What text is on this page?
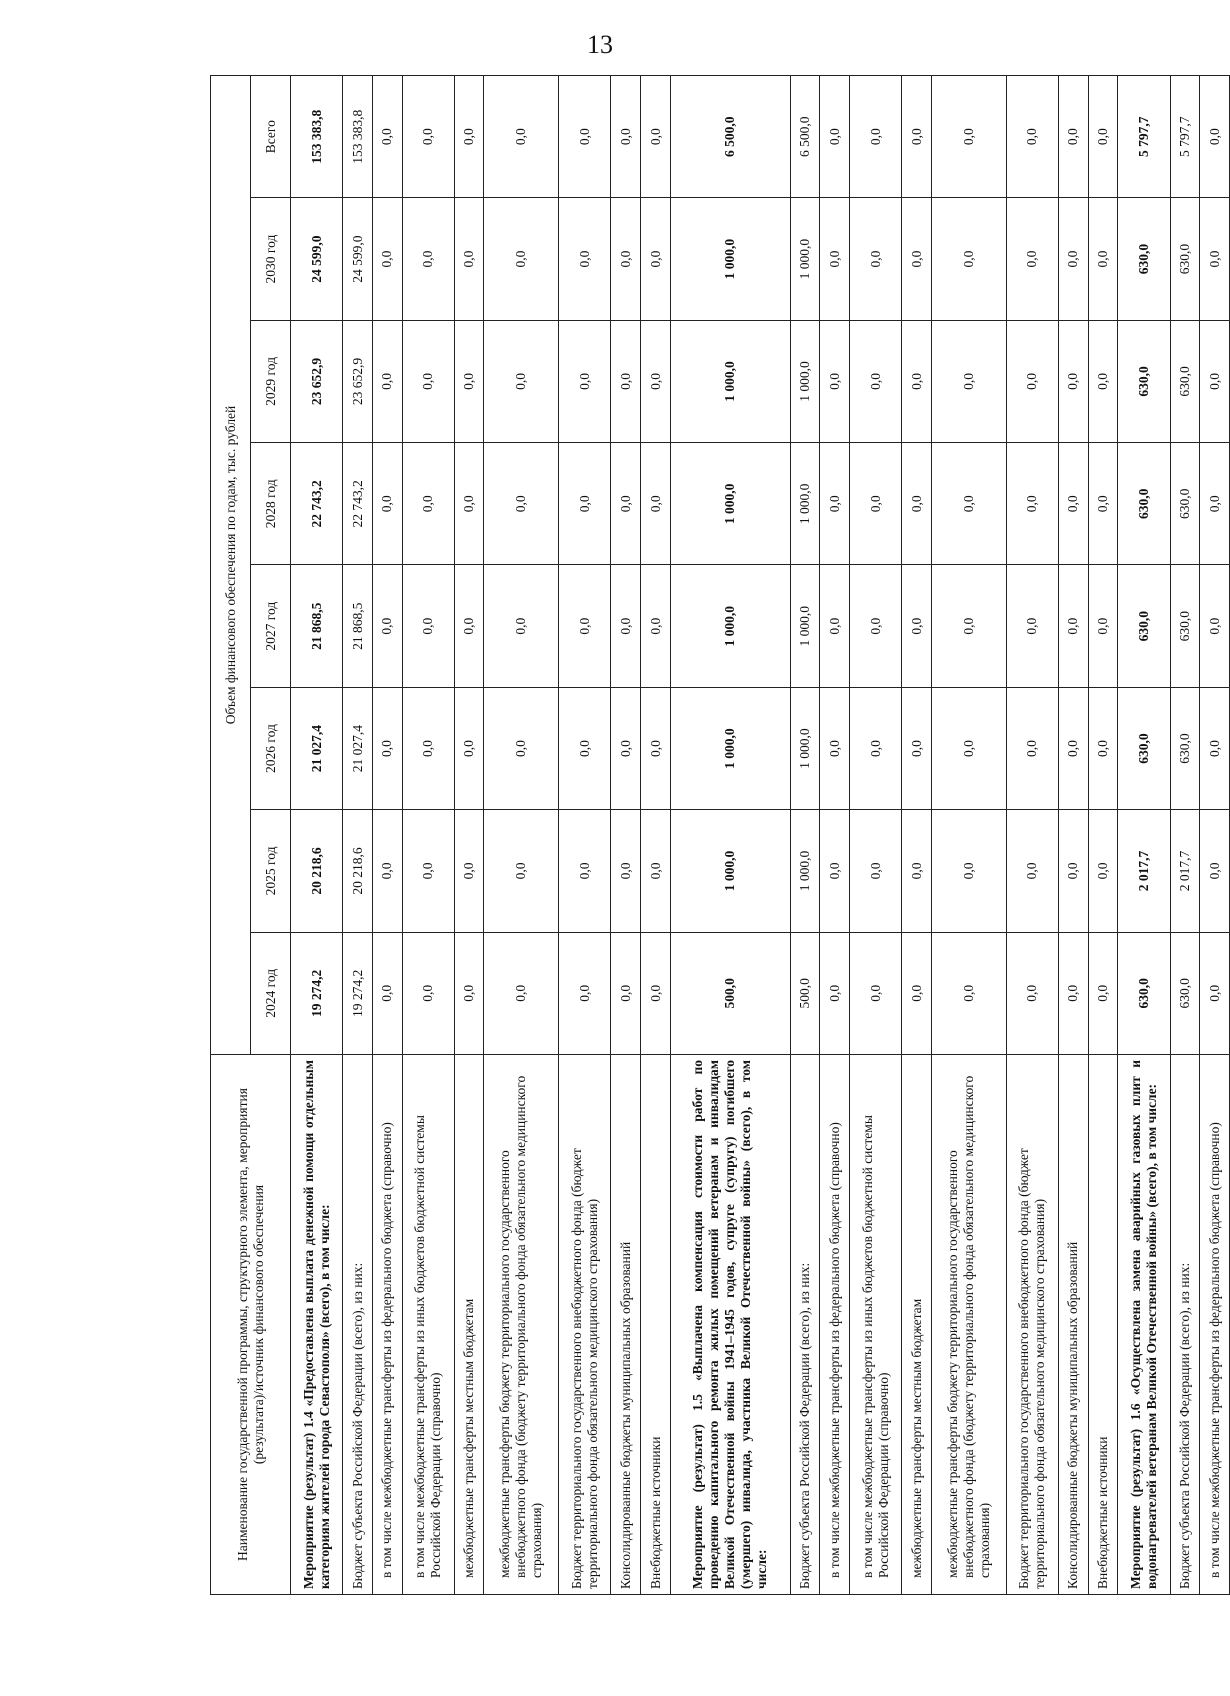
13
Наименование государственной программы, структурного элемента, мероприятия (результата)/источник финансового обеспечения	Объем финансового обеспечения по годам, тыс. рублей							
	2024 год	2025 год	2026 год	2027 год	2028 год	2029 год	2030 год	Всего
Мероприятие (результат) 1.4 «Предоставлена выплата денежной помощи отдельным категориям жителей города Севастополя» (всего), в том числе:	19 274,2	20 218,6	21 027,4	21 868,5	22 743,2	23 652,9	24 599,0	153 383,8
Бюджет субъекта Российской Федерации (всего), из них:	19 274,2	20 218,6	21 027,4	21 868,5	22 743,2	23 652,9	24 599,0	153 383,8
в том числе межбюджетные трансферты из федерального бюджета (справочно)	0,0	0,0	0,0	0,0	0,0	0,0	0,0	0,0
в том числе межбюджетные трансферты из иных бюджетов бюджетной системы Российской Федерации (справочно)	0,0	0,0	0,0	0,0	0,0	0,0	0,0	0,0
межбюджетные трансферты местным бюджетам	0,0	0,0	0,0	0,0	0,0	0,0	0,0	0,0
межбюджетные трансферты бюджету территориального государственного внебюджетного фонда (бюджету территориального фонда обязательного медицинского страхования)	0,0	0,0	0,0	0,0	0,0	0,0	0,0	0,0
Бюджет территориального государственного внебюджетного фонда (бюджет территориального фонда обязательного медицинского страхования)	0,0	0,0	0,0	0,0	0,0	0,0	0,0	0,0
Консолидированные бюджеты муниципальных образований	0,0	0,0	0,0	0,0	0,0	0,0	0,0	0,0
Внебюджетные источники	0,0	0,0	0,0	0,0	0,0	0,0	0,0	0,0
Мероприятие (результат) 1.5 «Выплачена компенсация стоимости работ по проведению капитального ремонта жилых помещений ветеранам и инвалидам Великой Отечественной войны 1941–1945 годов, супруге (супругу) погибшего (умершего) инвалида, участника Великой Отечественной войны» (всего), в том числе:	500,0	1 000,0	1 000,0	1 000,0	1 000,0	1 000,0	1 000,0	6 500,0
Бюджет субъекта Российской Федерации (всего), из них:	500,0	1 000,0	1 000,0	1 000,0	1 000,0	1 000,0	1 000,0	6 500,0
в том числе межбюджетные трансферты из федерального бюджета (справочно)	0,0	0,0	0,0	0,0	0,0	0,0	0,0	0,0
в том числе межбюджетные трансферты из иных бюджетов бюджетной системы Российской Федерации (справочно)	0,0	0,0	0,0	0,0	0,0	0,0	0,0	0,0
межбюджетные трансферты местным бюджетам	0,0	0,0	0,0	0,0	0,0	0,0	0,0	0,0
межбюджетные трансферты бюджету территориального государственного внебюджетного фонда (бюджету территориального фонда обязательного медицинского страхования)	0,0	0,0	0,0	0,0	0,0	0,0	0,0	0,0
Бюджет территориального государственного внебюджетного фонда (бюджет территориального фонда обязательного медицинского страхования)	0,0	0,0	0,0	0,0	0,0	0,0	0,0	0,0
Консолидированные бюджеты муниципальных образований	0,0	0,0	0,0	0,0	0,0	0,0	0,0	0,0
Внебюджетные источники	0,0	0,0	0,0	0,0	0,0	0,0	0,0	0,0
Мероприятие (результат) 1.6 «Осуществлена замена аварийных газовых плит и водонагревателей ветеранам Великой Отечественной войны» (всего), в том числе:	630,0	2 017,7	630,0	630,0	630,0	630,0	630,0	5 797,7
Бюджет субъекта Российской Федерации (всего), из них:	630,0	2 017,7	630,0	630,0	630,0	630,0	630,0	5 797,7
в том числе межбюджетные трансферты из федерального бюджета (справочно)	0,0	0,0	0,0	0,0	0,0	0,0	0,0	0,0
